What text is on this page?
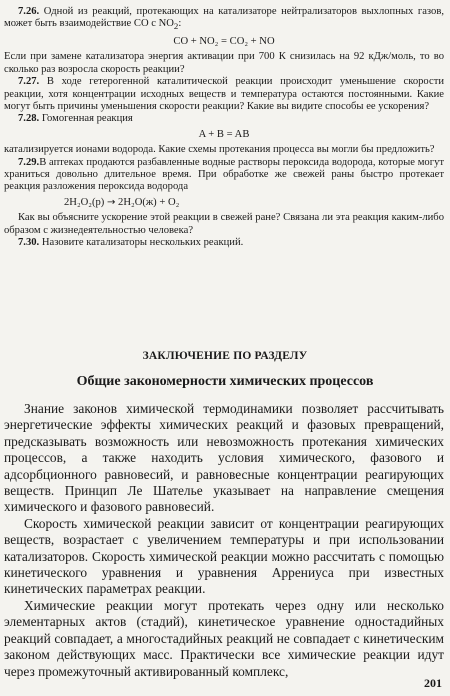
7.26. Одной из реакций, протекающих на катализаторе нейтрализаторов выхлопных газов, может быть взаимодействие СО с $NO_2$:

CO + NO₂ = CO₂ + NO

Если при замене катализатора энергия активации при 700 К снизилась на 92 кДж/моль, то во сколько раз возросла скорость реакции?

7.27. В ходе гетерогенной каталитической реакции происходит уменьшение скорости реакции, хотя концентрации исходных веществ и температура остаются постоянными. Какие могут быть причины уменьшения скорости реакции? Какие вы видите способы ее ускорения?

7.28. Гомогенная реакция

A + B = AB

катализируется ионами водорода. Какие схемы протекания процесса вы могли бы предложить?

7.29.В аптеках продаются разбавленные водные растворы пероксида водорода, которые могут храниться довольно длительное время. При обработке же свежей раны быстро протекает реакция разложения пероксида водорода

2H₂O₂(р) → 2H₂O(ж) + O₂

Как вы объясните ускорение этой реакции в свежей ране? Связана ли эта реакция каким-либо образом с жизнедеятельностью человека?

7.30. Назовите катализаторы нескольких реакций.

ЗАКЛЮЧЕНИЕ ПО РАЗДЕЛУ
Общие закономерности химических процессов

Знание законов химической термодинамики позволяет рассчитывать энергетические эффекты химических реакций и фазовых превращений, предсказывать возможность или невозможность протекания химических процессов, а также находить условия химического, фазового и адсорбционного равновесий, и равновесные концентрации реагирующих веществ. Принцип Ле Шателье указывает на направление смещения химического и фазового равновесий.

Скорость химической реакции зависит от концентрации реагирующих веществ, возрастает с увеличением температуры и при использовании катализаторов. Скорость химической реакции можно рассчитать с помощью кинетического уравнения и уравнения Аррениуса при известных кинетических параметрах реакции.

Химические реакции могут протекать через одну или несколько элементарных актов (стадий), кинетическое уравнение одностадийных реакций совпадает, а многостадийных реакций не совпадает с кинетическим законом действующих масс. Практически все химические реакции идут через промежуточный активированный комплекс,

201
